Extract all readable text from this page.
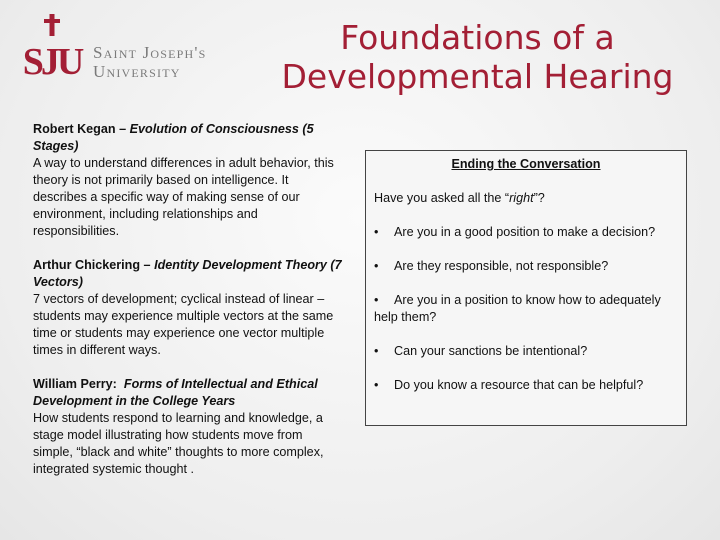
SJU Saint Joseph's
University
Foundations of a
Developmental Hearing
Robert Kegan – Evolution of Consciousness (5 Stages)
A way to understand differences in adult behavior, this theory is not primarily based on intelligence. It describes a specific way of making sense of our environment, including relationships and responsibilities.
Arthur Chickering – Identity Development Theory (7 Vectors)
7 vectors of development; cyclical instead of linear – students may experience multiple vectors at the same time or students may experience one vector multiple times in different ways.
William Perry: Forms of Intellectual and Ethical Development in the College Years
How students respond to learning and knowledge, a stage model illustrating how students move from simple, “black and white” thoughts to more complex, integrated systemic thought .
Ending the Conversation

Have you asked all the “right”?

• Are you in a good position to make a decision?

• Are they responsible, not responsible?

• Are you in a position to know how to adequately help them?

• Can your sanctions be intentional?

• Do you know a resource that can be helpful?
